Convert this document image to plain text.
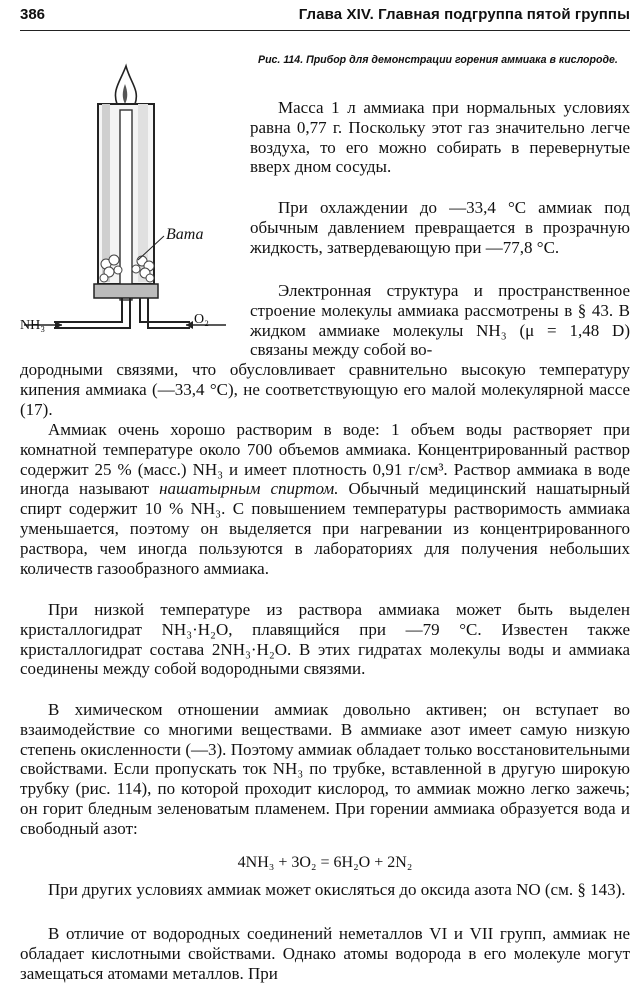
386	Глава XIV. Главная подгруппа пятой группы
Вата
NH₃	O₂
Рис. 114. Прибор для демонстрации горения аммиака в кислороде.

Масса 1 л аммиака при нормальных условиях равна 0,77 г. Поскольку этот газ значительно легче воздуха, то его можно собирать в перевернутые вверх дном сосуды.

При охлаждении до —33,4 °C аммиак под обычным давлением превращается в прозрачную жидкость, затвердевающую при —77,8 °C.

Электронная структура и пространственное строение молекулы аммиака рассмотрены в § 43. В жидком аммиаке молекулы NH₃ (μ = 1,48 D) связаны между собой во-
дородными связями, что обусловливает сравнительно высокую температуру кипения аммиака (—33,4 °C), не соответствующую его малой молекулярной массе (17).

Аммиак очень хорошо растворим в воде: 1 объем воды растворяет при комнатной температуре около 700 объемов аммиака. Концентрированный раствор содержит 25 % (масс.) NH₃ и имеет плотность 0,91 г/см³. Раствор аммиака в воде иногда называют нашатырным спиртом. Обычный медицинский нашатырный спирт содержит 10 % NH₃. С повышением температуры растворимость аммиака уменьшается, поэтому он выделяется при нагревании из концентрированного раствора, чем иногда пользуются в лабораториях для получения небольших количеств газообразного аммиака.

При низкой температуре из раствора аммиака может быть выделен кристаллогидрат NH₃·H₂O, плавящийся при —79 °C. Известен также кристаллогидрат состава 2NH₃·H₂O. В этих гидратах молекулы воды и аммиака соединены между собой водородными связями.

В химическом отношении аммиак довольно активен; он вступает во взаимодействие со многими веществами. В аммиаке азот имеет самую низкую степень окисленности (—3). Поэтому аммиак обладает только восстановительными свойствами. Если пропускать ток NH₃ по трубке, вставленной в другую широкую трубку (рис. 114), по которой проходит кислород, то аммиак можно легко зажечь; он горит бледным зеленоватым пламенем. При горении аммиака образуется вода и свободный азот:

4NH₃ + 3O₂ = 6H₂O + 2N₂

При других условиях аммиак может окисляться до оксида азота NO (см. § 143).

В отличие от водородных соединений неметаллов VI и VII групп, аммиак не обладает кислотными свойствами. Однако атомы водорода в его молекуле могут замещаться атомами металлов. При
